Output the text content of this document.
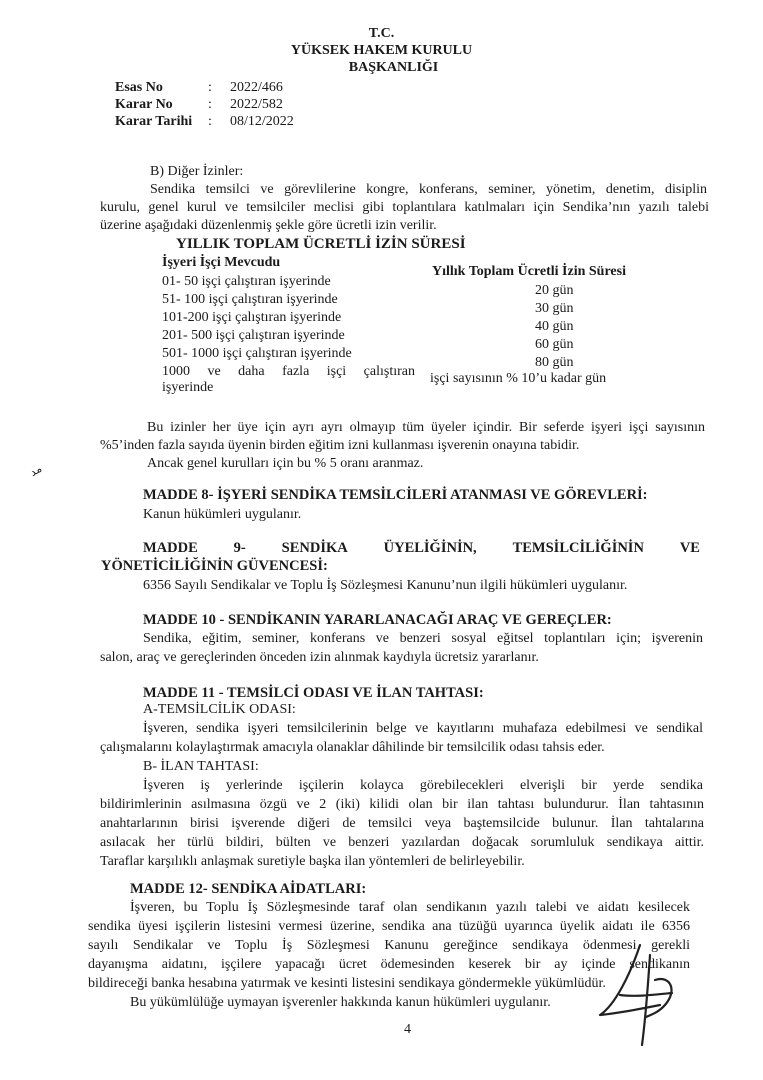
T.C.
YÜKSEK HAKEM KURULU
BAŞKANLIĞI
Esas No	: 2022/466
Karar No	: 2022/582
Karar Tarihi : 08/12/2022
B) Diğer İzinler:
Sendika temsilci ve görevlilerine kongre, konferans, seminer, yönetim, denetim, disiplin
kurulu, genel kurul ve temsilciler meclisi gibi toplantılara katılmaları için Sendika’nın yazılı talebi
üzerine aşağıdaki düzenlenmiş şekle göre ücretli izin verilir.
YILLIK TOPLAM ÜCRETLİ İZİN SÜRESİ
İşyeri İşçi Mevcudu
Yıllık Toplam Ücretli İzin Süresi
01- 50 işçi çalıştıran işyerinde
20 gün
51- 100 işçi çalıştıran işyerinde
30 gün
101-200 işçi çalıştıran işyerinde
40 gün
201- 500 işçi çalıştıran işyerinde
60 gün
501- 1000 işçi çalıştıran işyerinde
80 gün
1000 ve daha fazla işçi çalıştıran
işyerinde
işçi sayısının % 10’u kadar gün
Bu izinler her üye için ayrı ayrı olmayıp tüm üyeler içindir. Bir seferde işyeri işçi sayısının
%5’inden fazla sayıda üyenin birden eğitim izni kullanması işverenin onayına tabidir.
Ancak genel kurulları için bu % 5 oranı aranmaz.
مد
MADDE 8- İŞYERİ SENDİKA TEMSİLCİLERİ ATANMASI VE GÖREVLERİ:
Kanun hükümleri uygulanır.
MADDE 9- SENDİKA ÜYELİĞİNİN, TEMSİLCİLİĞİNİN VE
YÖNETİCİLİĞİNİN GÜVENCESİ:
6356 Sayılı Sendikalar ve Toplu İş Sözleşmesi Kanunu’nun ilgili hükümleri uygulanır.
MADDE 10 - SENDİKANIN YARARLANACAĞI ARAÇ VE GEREÇLER:
Sendika, eğitim, seminer, konferans ve benzeri sosyal eğitsel toplantıları için; işverenin
salon, araç ve gereçlerinden önceden izin alınmak kaydıyla ücretsiz yararlanır.
MADDE 11 - TEMSİLCİ ODASI VE İLAN TAHTASI:
A-TEMSİLCİLİK ODASI:
İşveren, sendika işyeri temsilcilerinin belge ve kayıtlarını muhafaza edebilmesi ve sendikal
çalışmalarını kolaylaştırmak amacıyla olanaklar dâhilinde bir temsilcilik odası tahsis eder.
B- İLAN TAHTASI:
İşveren iş yerlerinde işçilerin kolayca görebilecekleri elverişli bir yerde sendika
bildirimlerinin asılmasına özgü ve 2 (iki) kilidi olan bir ilan tahtası bulundurur. İlan tahtasının
anahtarlarının birisi işverende diğeri de temsilci veya baştemsilcide bulunur. İlan tahtalarına
asılacak her türlü bildiri, bülten ve benzeri yazılardan doğacak sorumluluk sendikaya aittir.
Taraflar karşılıklı anlaşmak suretiyle başka ilan yöntemleri de belirleyebilir.
MADDE 12- SENDİKA AİDATLARI:
İşveren, bu Toplu İş Sözleşmesinde taraf olan sendikanın yazılı talebi ve aidatı kesilecek
sendika üyesi işçilerin listesini vermesi üzerine, sendika ana tüzüğü uyarınca üyelik aidatı ile 6356
sayılı Sendikalar ve Toplu İş Sözleşmesi Kanunu gereğince sendikaya ödenmesi gerekli
dayanışma aidatını, işçilere yapacağı ücret ödemesinden keserek bir ay içinde sendikanın
bildireceği banka hesabına yatırmak ve kesinti listesini sendikaya göndermekle yükümlüdür.
Bu yükümlülüğe uymayan işverenler hakkında kanun hükümleri uygulanır.
4
